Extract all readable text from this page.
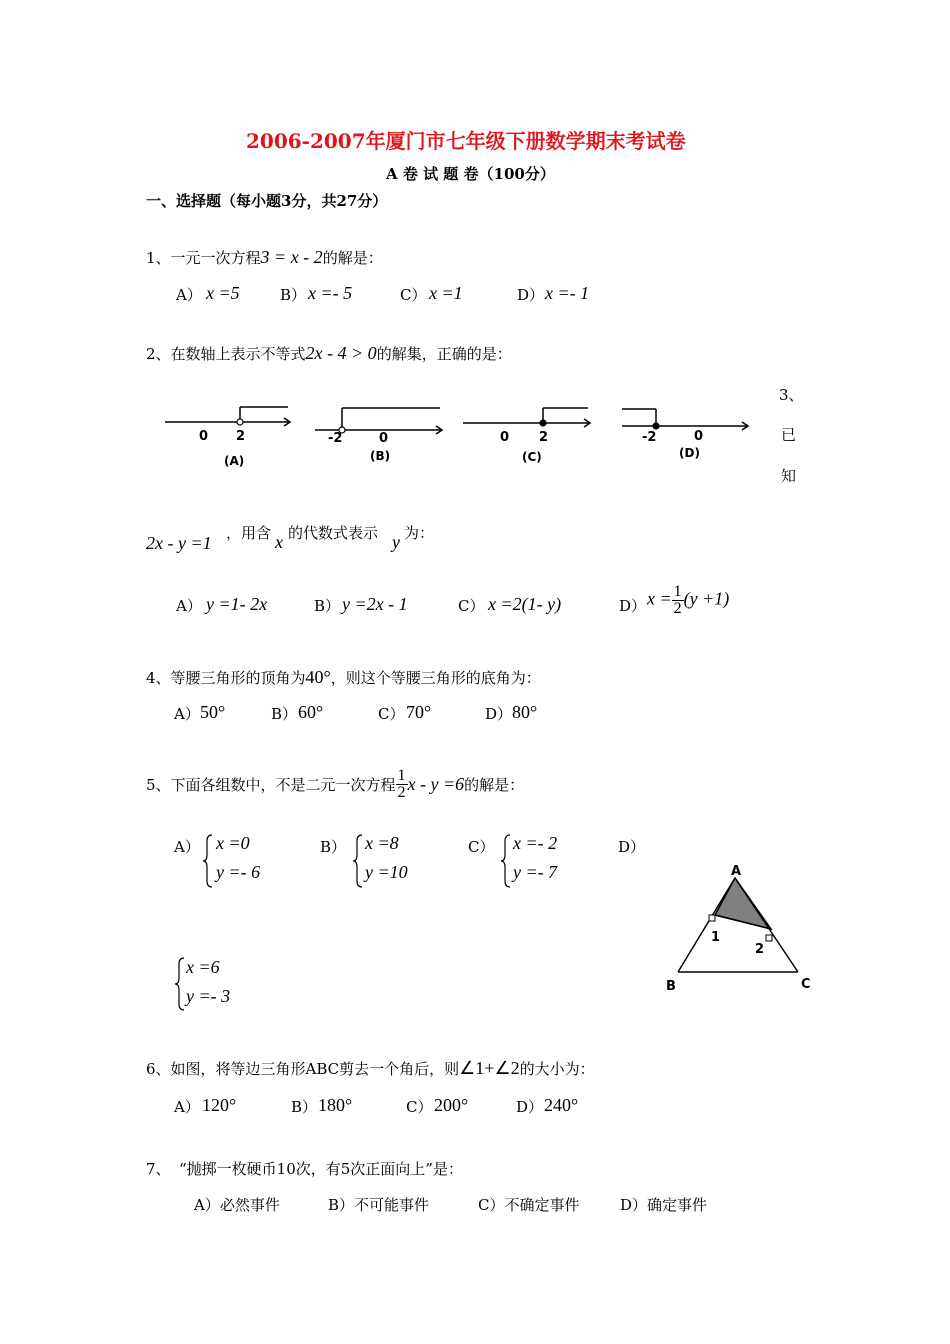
2006-2007年厦门市七年级下册数学期末考试卷
A 卷 试 题 卷（100分）
一、选择题（每小题3分，共27分）
1、一元一次方程3 = x - 2的解是：
A） x =5	B） x =- 5	C） x =1	D） x =- 1
2、在数轴上表示不等式2x - 4 > 0的解集，正确的是：
0 2
(A)
-2	0
(B)
0 2
(C)
-2	0
(D)
3、
已
知
2x - y =1 ，用含 x 的代数式表示 y 为：
A） y =1- 2x	B） y =2x - 1	C） x =2(1- y)	D） $x = \frac{1}{2} (y +1)$
4、等腰三角形的顶角为40°，则这个等腰三角形的底角为：
A） 50°	B） 60°	C） 70°	D） 80°
5、下面各组数中，不是二元一次方程 $\frac{1}{2}$ x - y =6的解是：
A） x =0
y =- 6
B） x =8
y =10
C） x =- 2
y =- 7
D）
x =6
y =- 3
A
B	C
1
2
6、如图，将等边三角形ABC剪去一个角后，则∠1+∠2的大小为：
A） 120°	B） 180°	C） 200°	D） 240°
7、 “抛掷一枚硬币10次，有5次正面向上”是：
A）必然事件	B）不可能事件	C）不确定事件	D）确定事件
